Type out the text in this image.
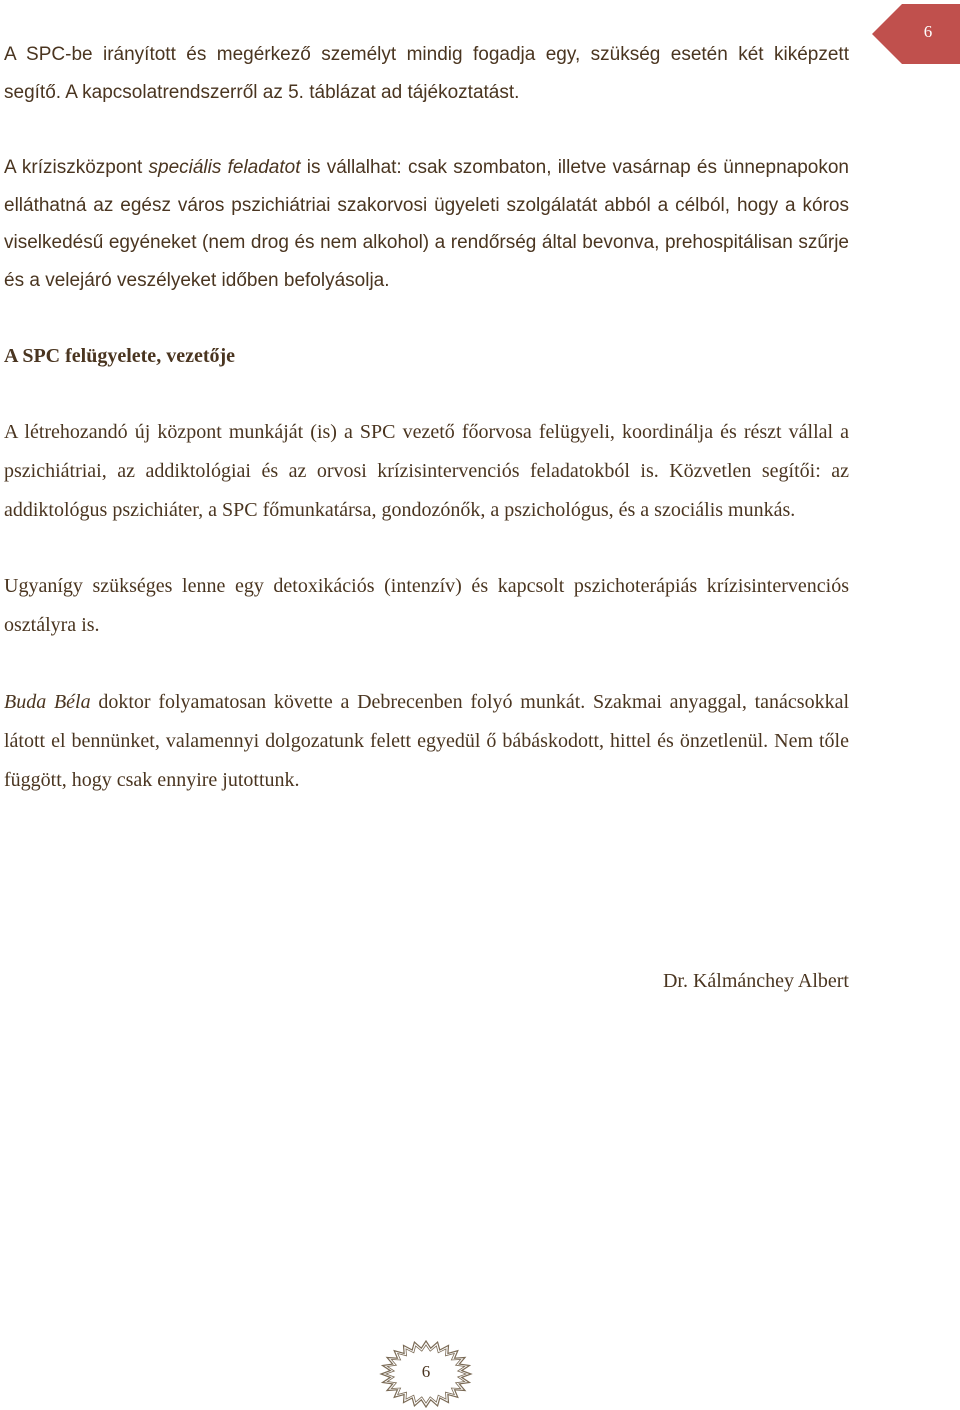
6

A SPC-be irányított és megérkező személyt mindig fogadja egy, szükség esetén két kiképzett segítő. A kapcsolatrendszerről az 5. táblázat ad tájékoztatást.

A kríziszközpont speciális feladatot is vállalhat: csak szombaton, illetve vasárnap és ünnepnapokon elláthatná az egész város pszichiátriai szakorvosi ügyeleti szolgálatát abból a célból, hogy a kóros viselkedésű egyéneket (nem drog és nem alkohol) a rendőrség által bevonva, prehospitálisan szűrje és a velejáró veszélyeket időben befolyásolja.

A SPC felügyelete, vezetője

A létrehozandó új központ munkáját (is) a SPC vezető főorvosa felügyeli, koordinálja és részt vállal a pszichiátriai, az addiktológiai és az orvosi krízisintervenciós feladatokból is. Közvetlen segítői: az addiktológus pszichiáter, a SPC főmunkatársa, gondozónők, a pszichológus, és a szociális munkás.

Ugyanígy szükséges lenne egy detoxikációs (intenzív) és kapcsolt pszichoterápiás krízisintervenciós osztályra is.

Buda Béla doktor folyamatosan követte a Debrecenben folyó munkát. Szakmai anyaggal, tanácsokkal látott el bennünket, valamennyi dolgozatunk felett egyedül ő bábáskodott, hittel és önzetlenül. Nem tőle függött, hogy csak ennyire jutottunk.

Dr. Kálmánchey Albert
6
